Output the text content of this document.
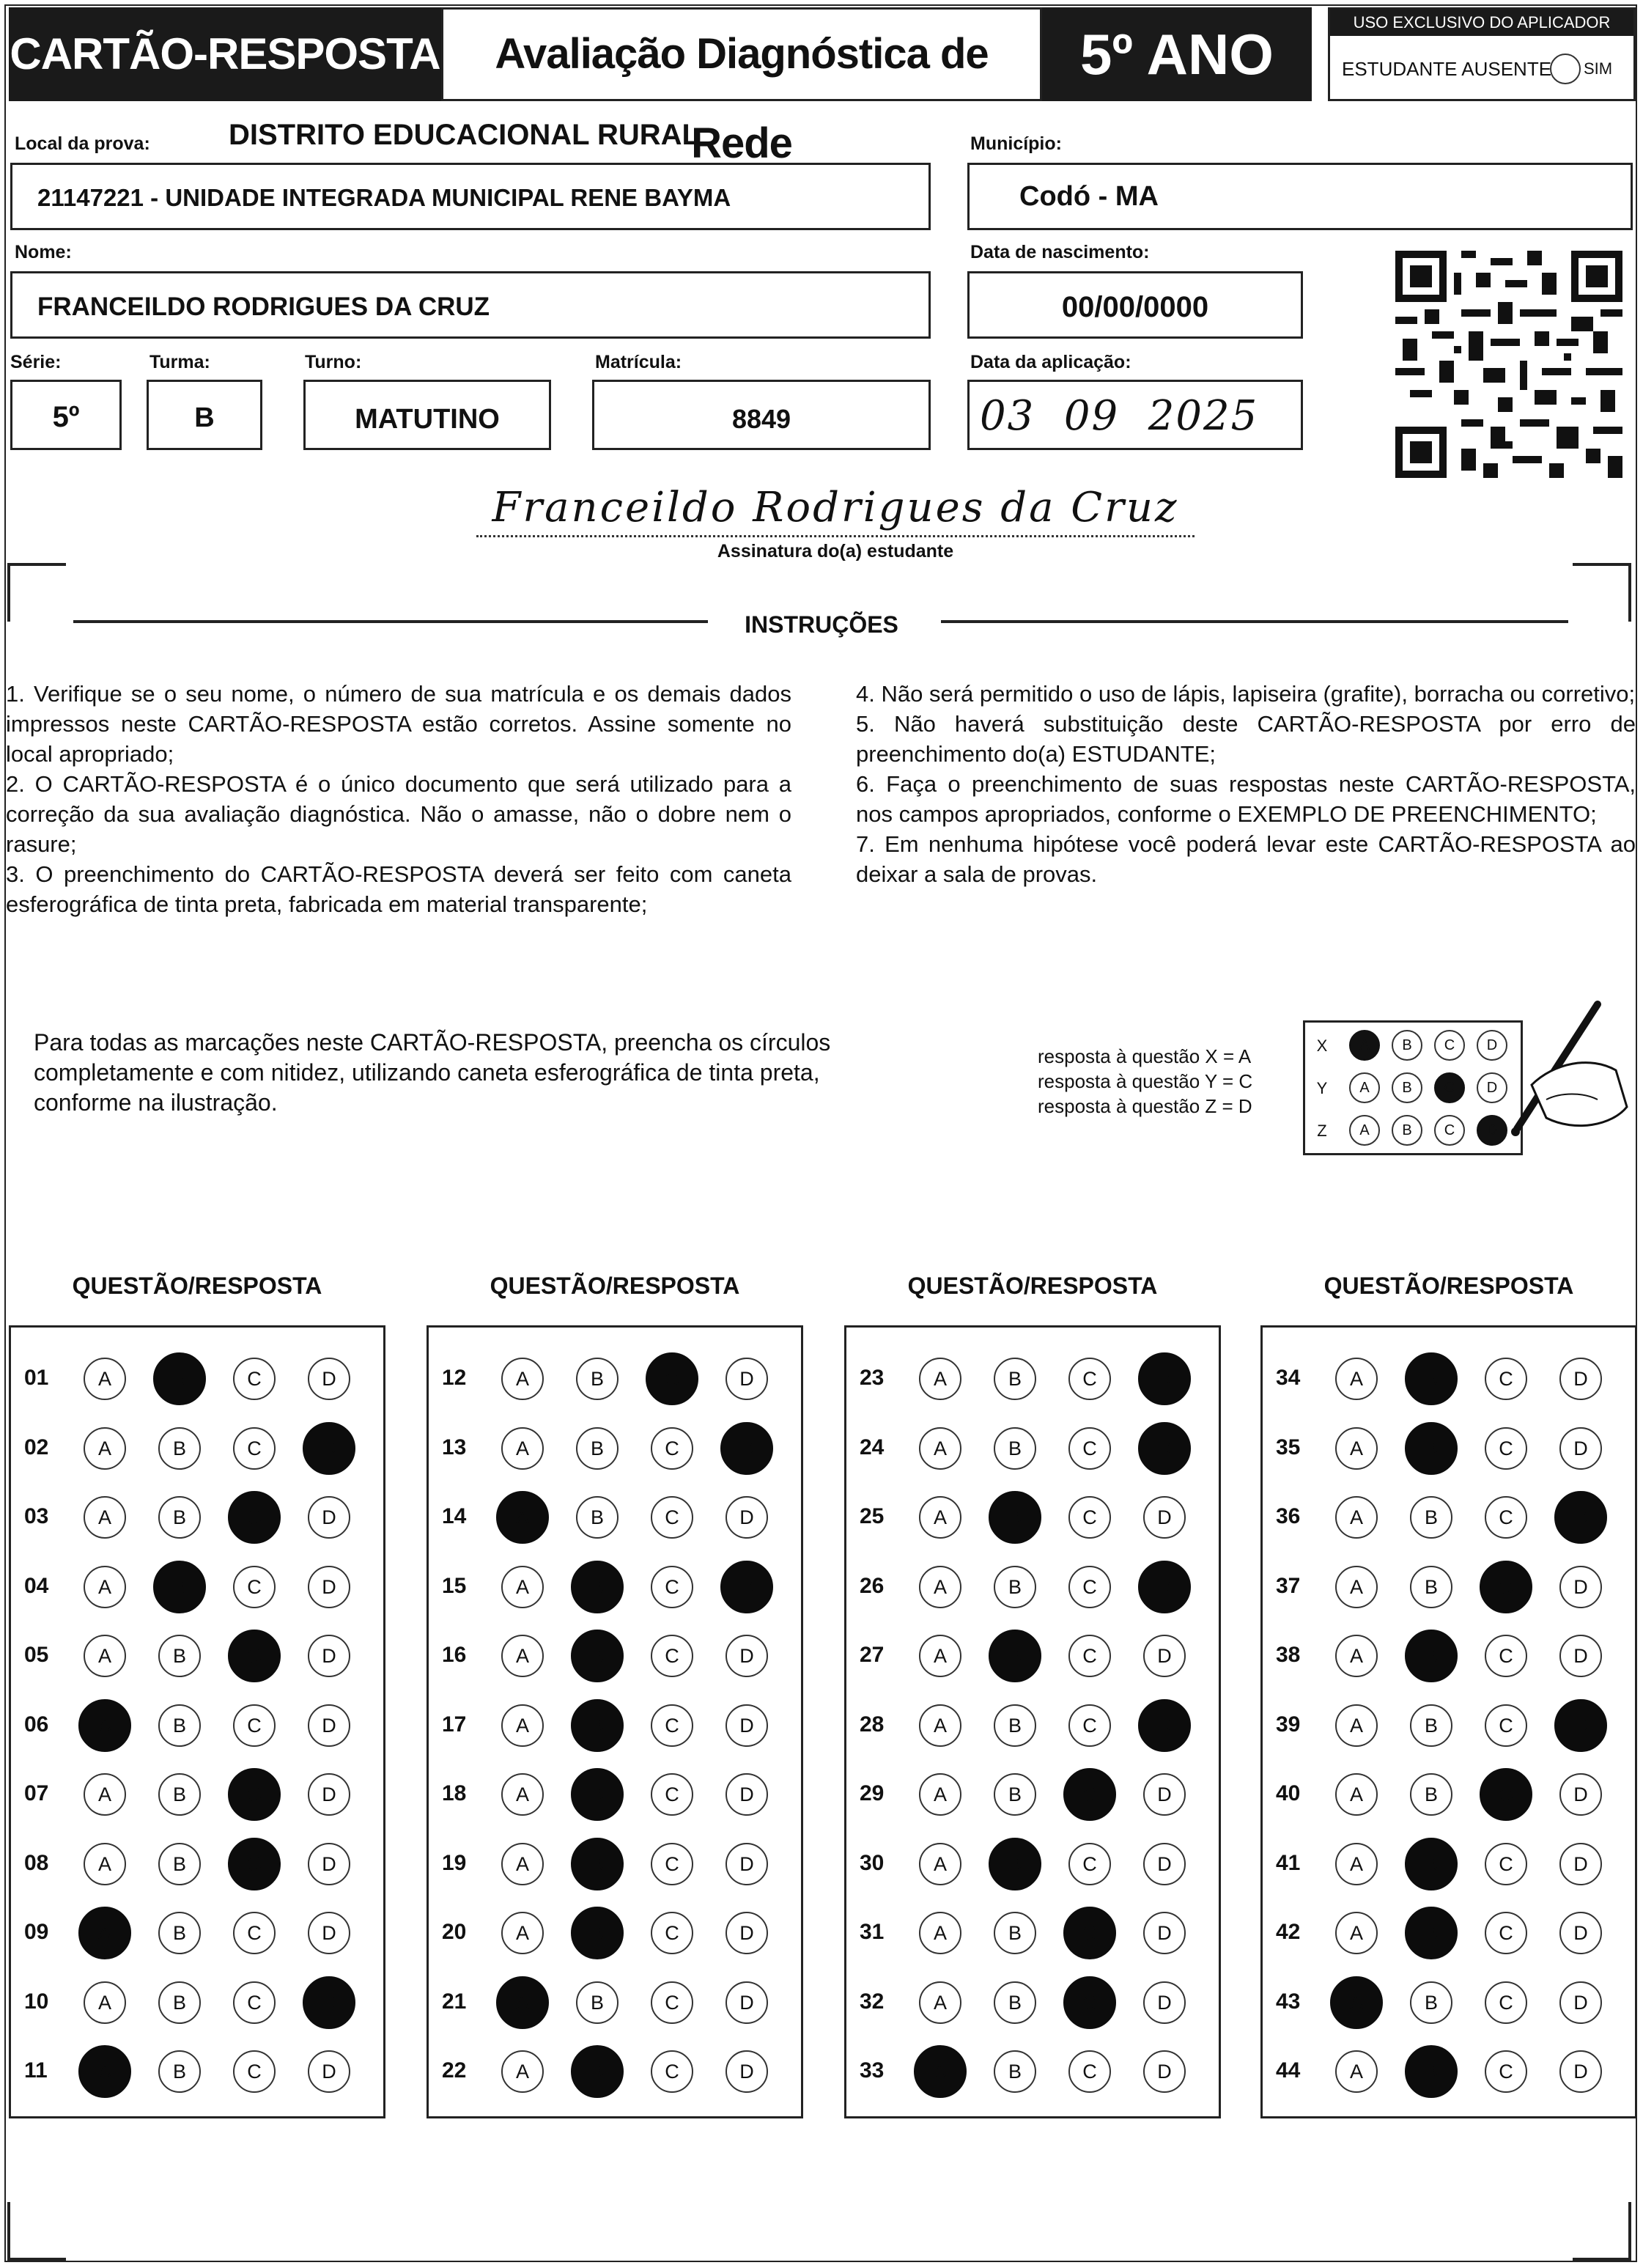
CARTÃO-RESPOSTA	Avaliação Diagnóstica de Rede
5º ANO	USO EXCLUSIVO DO APLICADOR
ESTUDANTE AUSENTE SIM
Local da prova:	DISTRITO EDUCACIONAL RURAL
21147221 - UNIDADE INTEGRADA MUNICIPAL RENE BAYMA
Município:
Codó - MA
Nome:
FRANCEILDO RODRIGUES DA CRUZ
Data de nascimento:
00/00/0000
Série:
5º
Turma:
B
Turno:
MATUTINO
Matrícula:
8849
Data da aplicação:
03  09  2025
Franceildo Rodrigues da Cruz
Assinatura do(a) estudante
INSTRUÇÕES

1. Verifique se o seu nome, o número de sua matrícula e os demais dados impressos neste CARTÃO-RESPOSTA estão corretos. Assine somente no local apropriado;

2. O CARTÃO-RESPOSTA é o único documento que será utilizado para a correção da sua avaliação diagnóstica. Não o amasse, não o dobre nem o rasure;

3. O preenchimento do CARTÃO-RESPOSTA deverá ser feito com caneta esferográfica de tinta preta, fabricada em material transparente;

4. Não será permitido o uso de lápis, lapiseira (grafite), borracha ou corretivo;

5. Não haverá substituição deste CARTÃO-RESPOSTA por erro de preenchimento do(a) ESTUDANTE;

6. Faça o preenchimento de suas respostas neste CARTÃO-RESPOSTA, nos campos apropriados, conforme o EXEMPLO DE PREENCHIMENTO;

7. Em nenhuma hipótese você poderá levar este CARTÃO-RESPOSTA ao deixar a sala de provas.

Para todas as marcações neste CARTÃO-RESPOSTA, preencha os círculos completamente e com nitidez, utilizando caneta esferográfica de tinta preta, conforme na ilustração.
resposta à questão X = A
resposta à questão Y = C
resposta à questão Z = D
X	A	B	C	D
Y	A	B	C	D
Z	A	B	C	D
QUESTÃO/RESPOSTA
01	A	B	C	D
02	A	B	C	D
03	A	B	C	D
04	A	B	C	D
05	A	B	C	D
06	A	B	C	D
07	A	B	C	D
08	A	B	C	D
09	A	B	C	D
10	A	B	C	D
11	A	B	C	D
QUESTÃO/RESPOSTA
12	A	B	C	D
13	A	B	C	D
14	A	B	C	D
15	A	B	C	D
16	A	B	C	D
17	A	B	C	D
18	A	B	C	D
19	A	B	C	D
20	A	B	C	D
21	A	B	C	D
22	A	B	C	D
QUESTÃO/RESPOSTA
23	A	B	C	D
24	A	B	C	D
25	A	B	C	D
26	A	B	C	D
27	A	B	C	D
28	A	B	C	D
29	A	B	C	D
30	A	B	C	D
31	A	B	C	D
32	A	B	C	D
33	A	B	C	D
QUESTÃO/RESPOSTA
34	A	B	C	D
35	A	B	C	D
36	A	B	C	D
37	A	B	C	D
38	A	B	C	D
39	A	B	C	D
40	A	B	C	D
41	A	B	C	D
42	A	B	C	D
43	A	B	C	D
44	A	B	C	D
